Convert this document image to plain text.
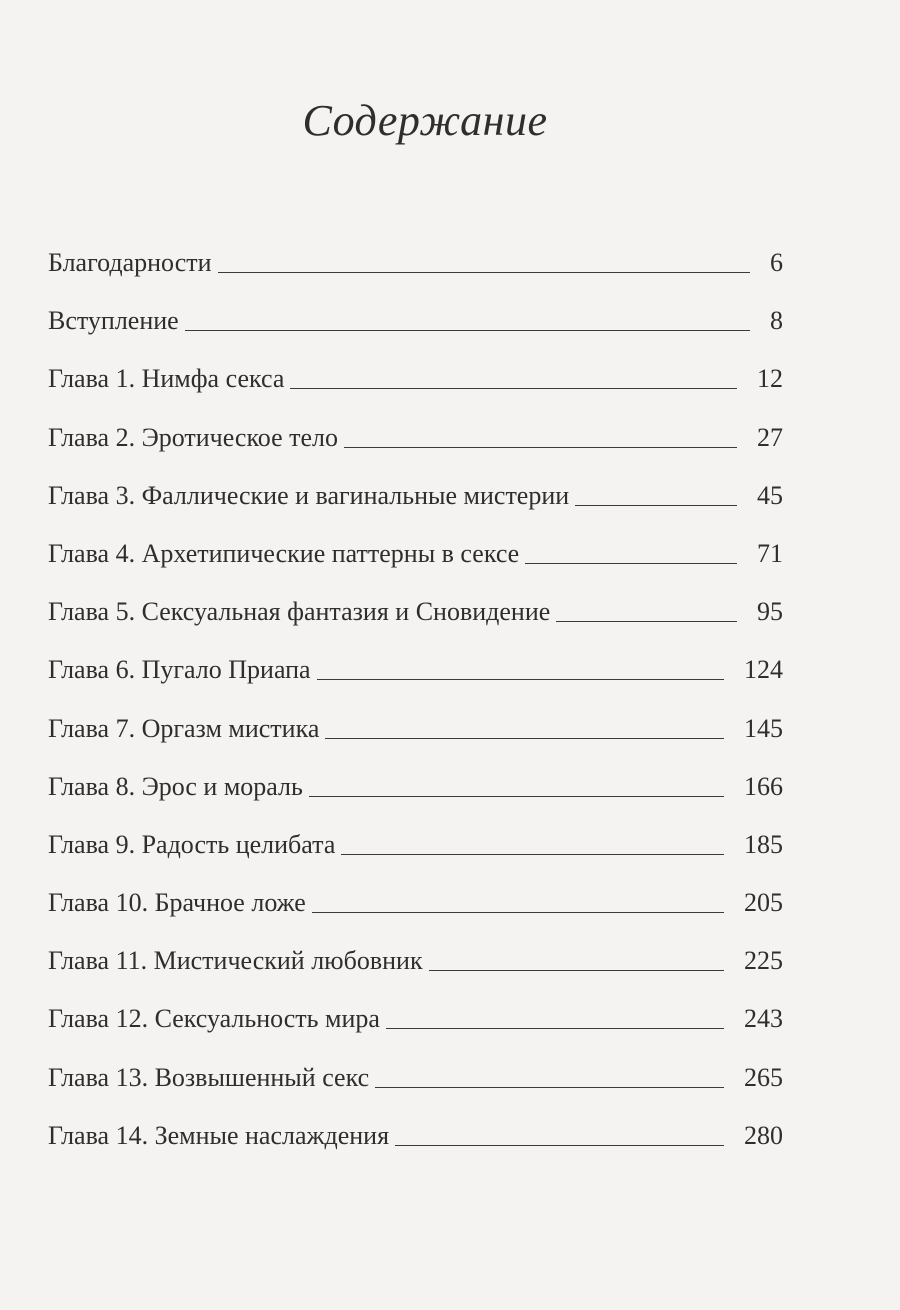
Содержание
Благодарности	6
Вступление	8
Глава 1. Нимфа секса	12
Глава 2. Эротическое тело	27
Глава 3. Фаллические и вагинальные мистерии	45
Глава 4. Архетипические паттерны в сексе	71
Глава 5. Сексуальная фантазия и Сновидение	95
Глава 6. Пугало Приапа	124
Глава 7. Оргазм мистика	145
Глава 8. Эрос и мораль	166
Глава 9. Радость целибата	185
Глава 10. Брачное ложе	205
Глава 11. Мистический любовник	225
Глава 12. Сексуальность мира	243
Глава 13. Возвышенный секс	265
Глава 14. Земные наслаждения	280
